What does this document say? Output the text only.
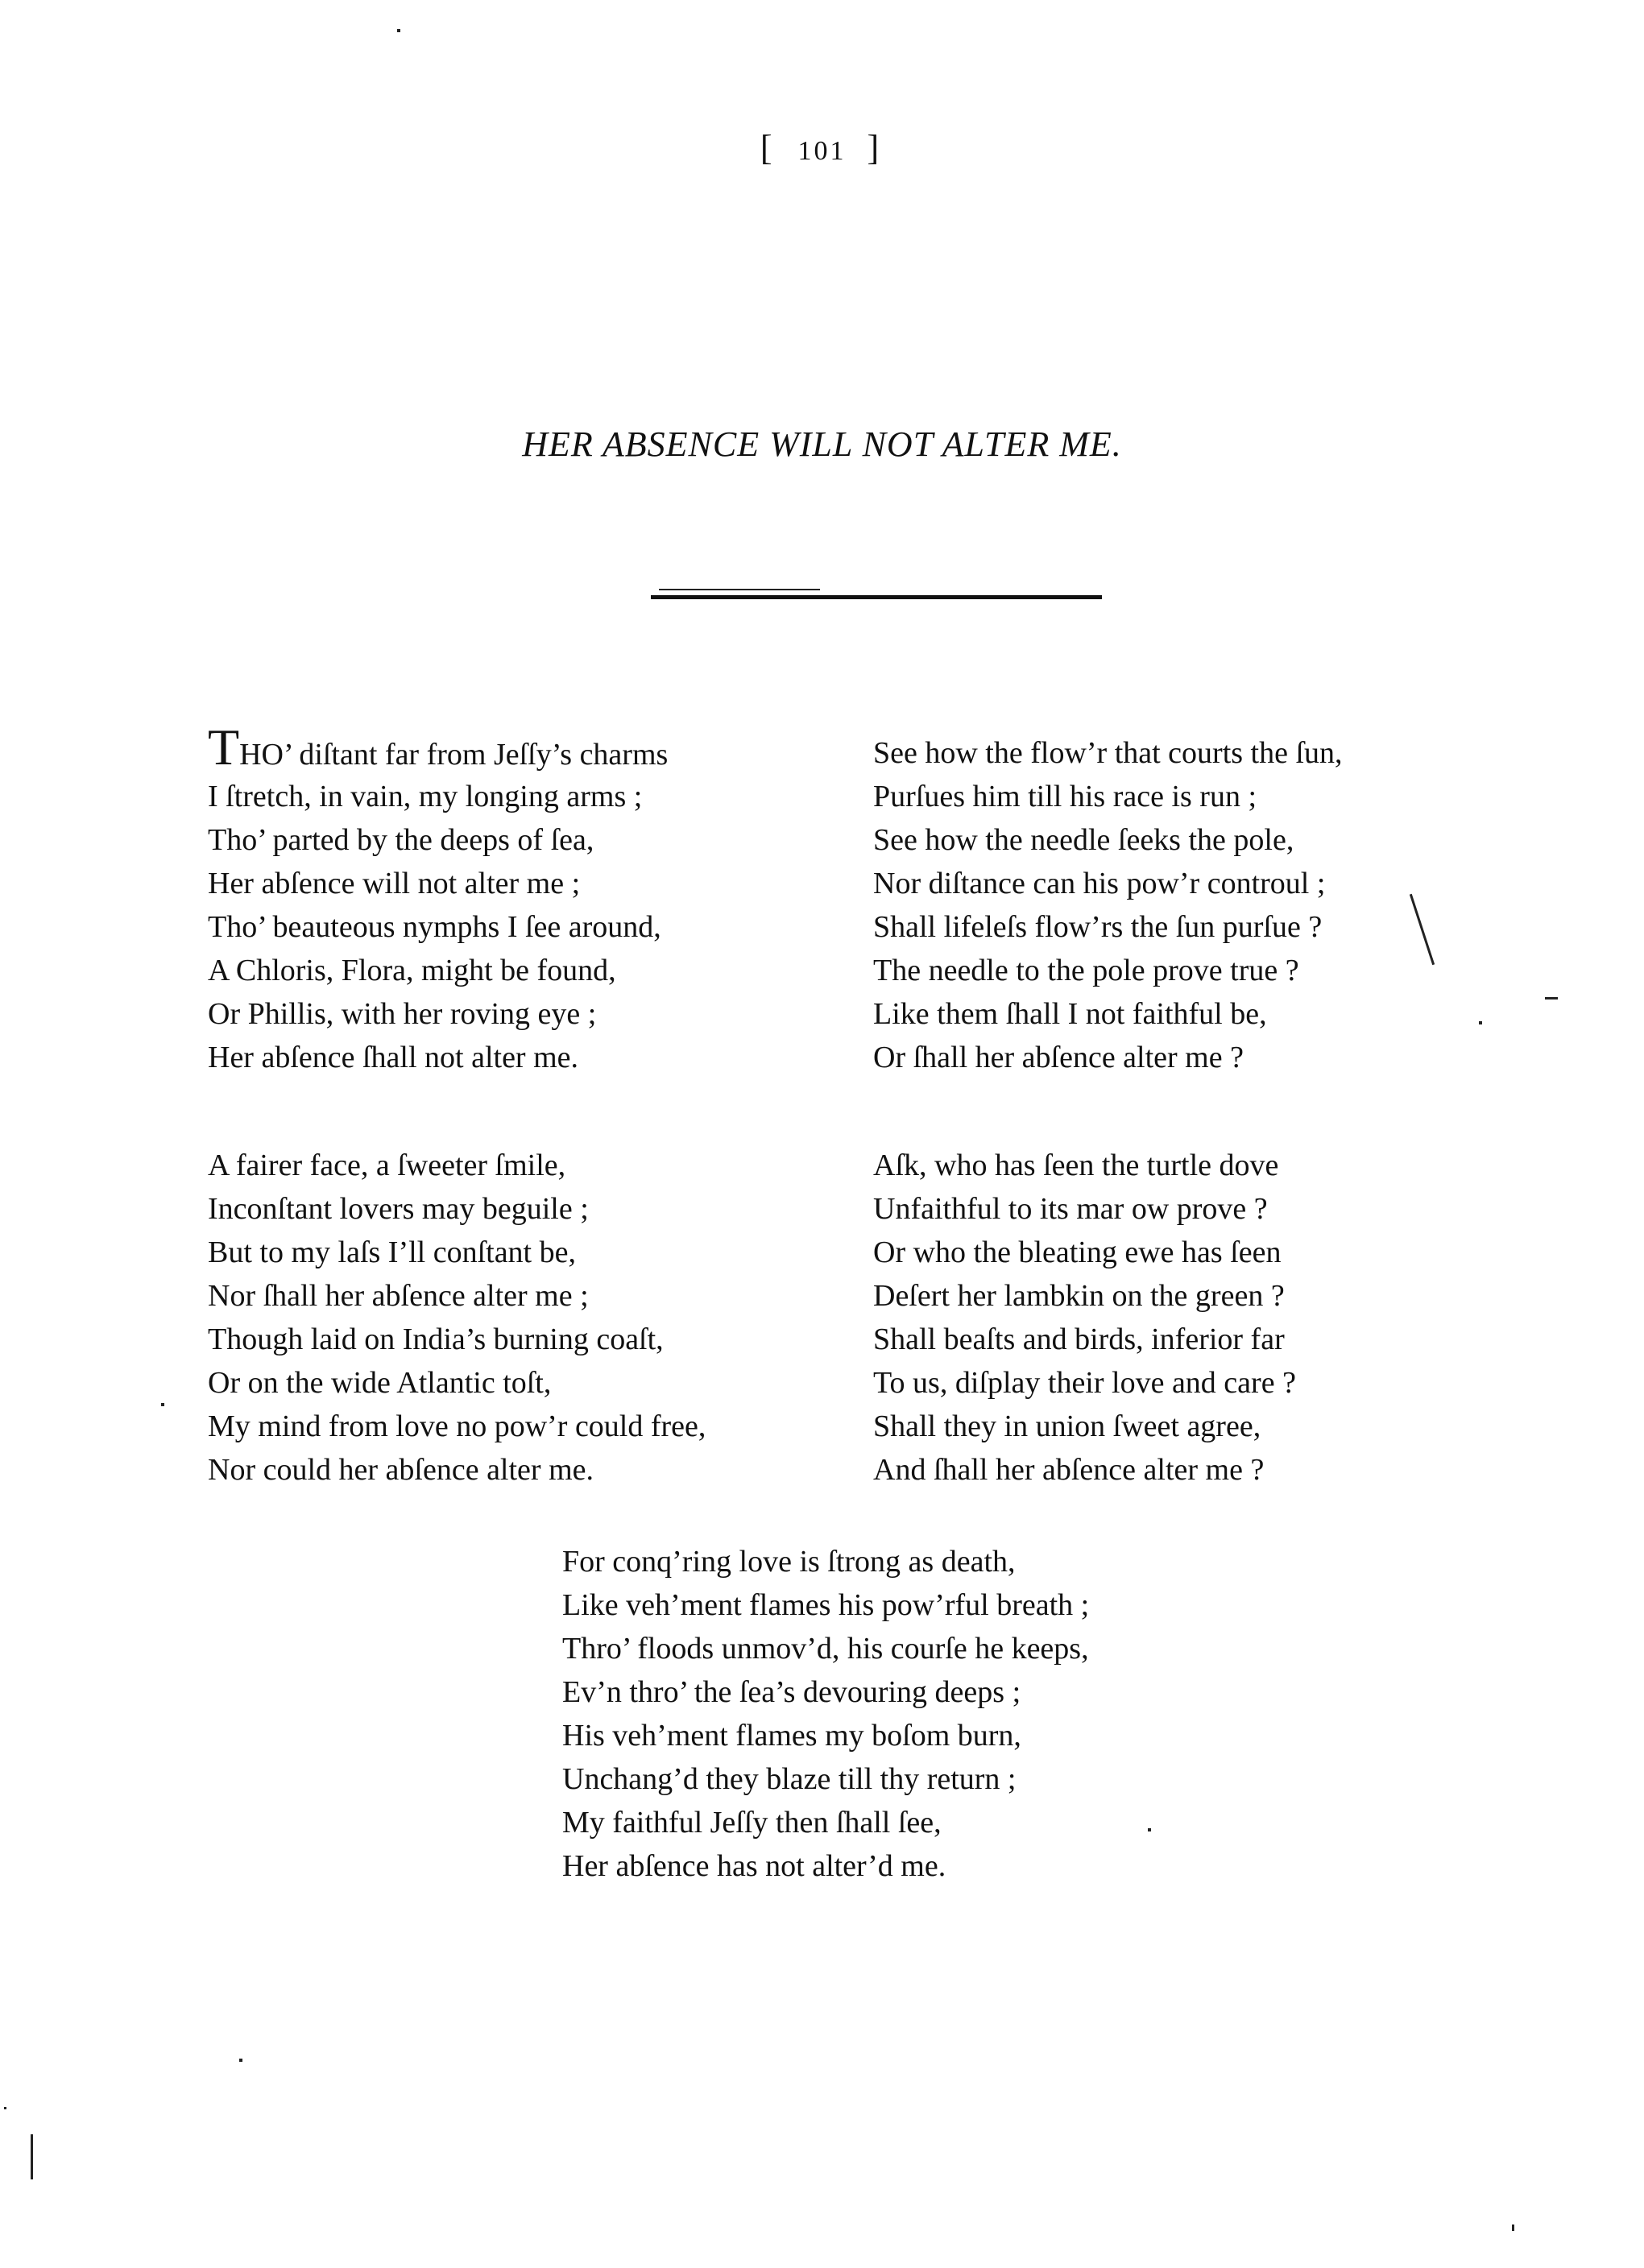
[ 101 ]
HER ABSENCE WILL NOT ALTER ME.
THO’ diſtant far from Jeſſy’s charms
I ſtretch, in vain, my longing arms ;
Tho’ parted by the deeps of ſea,
Her abſence will not alter me ;
Tho’ beauteous nymphs I ſee around,
A Chloris, Flora, might be found,
Or Phillis, with her roving eye ;
Her abſence ſhall not alter me.
See how the flow’r that courts the ſun,
Purſues him till his race is run ;
See how the needle ſeeks the pole,
Nor diſtance can his pow’r controul ;
Shall lifeleſs flow’rs the ſun purſue ?
The needle to the pole prove true ?
Like them ſhall I not faithful be,
Or ſhall her abſence alter me ?
A fairer face, a ſweeter ſmile,
Inconſtant lovers may beguile ;
But to my laſs I’ll conſtant be,
Nor ſhall her abſence alter me ;
Though laid on India’s burning coaſt,
Or on the wide Atlantic toſt,
My mind from love no pow’r could free,
Nor could her abſence alter me.
Aſk, who has ſeen the turtle dove
Unfaithful to its mar ow prove ?
Or who the bleating ewe has ſeen
Deſert her lambkin on the green ?
Shall beaſts and birds, inferior far
To us, diſplay their love and care ?
Shall they in union ſweet agree,
And ſhall her abſence alter me ?
For conq’ring love is ſtrong as death,
Like veh’ment flames his pow’rful breath ;
Thro’ floods unmov’d, his courſe he keeps,
Ev’n thro’ the ſea’s devouring deeps ;
His veh’ment flames my boſom burn,
Unchang’d they blaze till thy return ;
My faithful Jeſſy then ſhall ſee,
Her abſence has not alter’d me.
